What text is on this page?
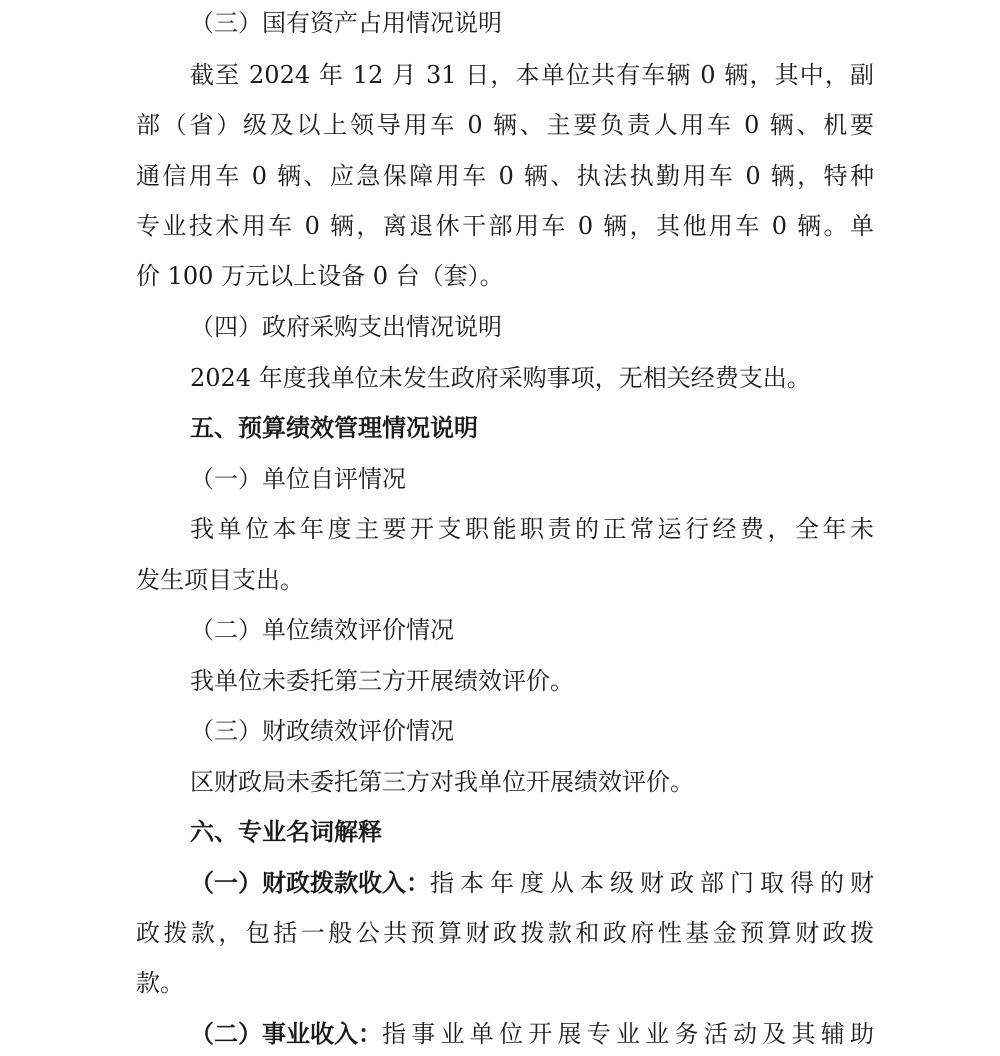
（三）国有资产占用情况说明
截至 2024 年 12 月 31 日，本单位共有车辆 0 辆，其中，副
部（省）级及以上领导用车 0 辆、主要负责人用车 0 辆、机要
通信用车 0 辆、应急保障用车 0 辆、执法执勤用车 0 辆，特种
专业技术用车 0 辆，离退休干部用车 0 辆，其他用车 0 辆。单
价 100 万元以上设备 0 台（套）。
（四）政府采购支出情况说明
2024 年度我单位未发生政府采购事项，无相关经费支出。
五、预算绩效管理情况说明
（一）单位自评情况
我单位本年度主要开支职能职责的正常运行经费，全年未
发生项目支出。
（二）单位绩效评价情况
我单位未委托第三方开展绩效评价。
（三）财政绩效评价情况
区财政局未委托第三方对我单位开展绩效评价。
六、专业名词解释
（一）财政拨款收入： 指本年度从本级财政部门取得的财
政拨款，包括一般公共预算财政拨款和政府性基金预算财政拨
款。
（二）事业收入： 指事业单位开展专业业务活动及其辅助
